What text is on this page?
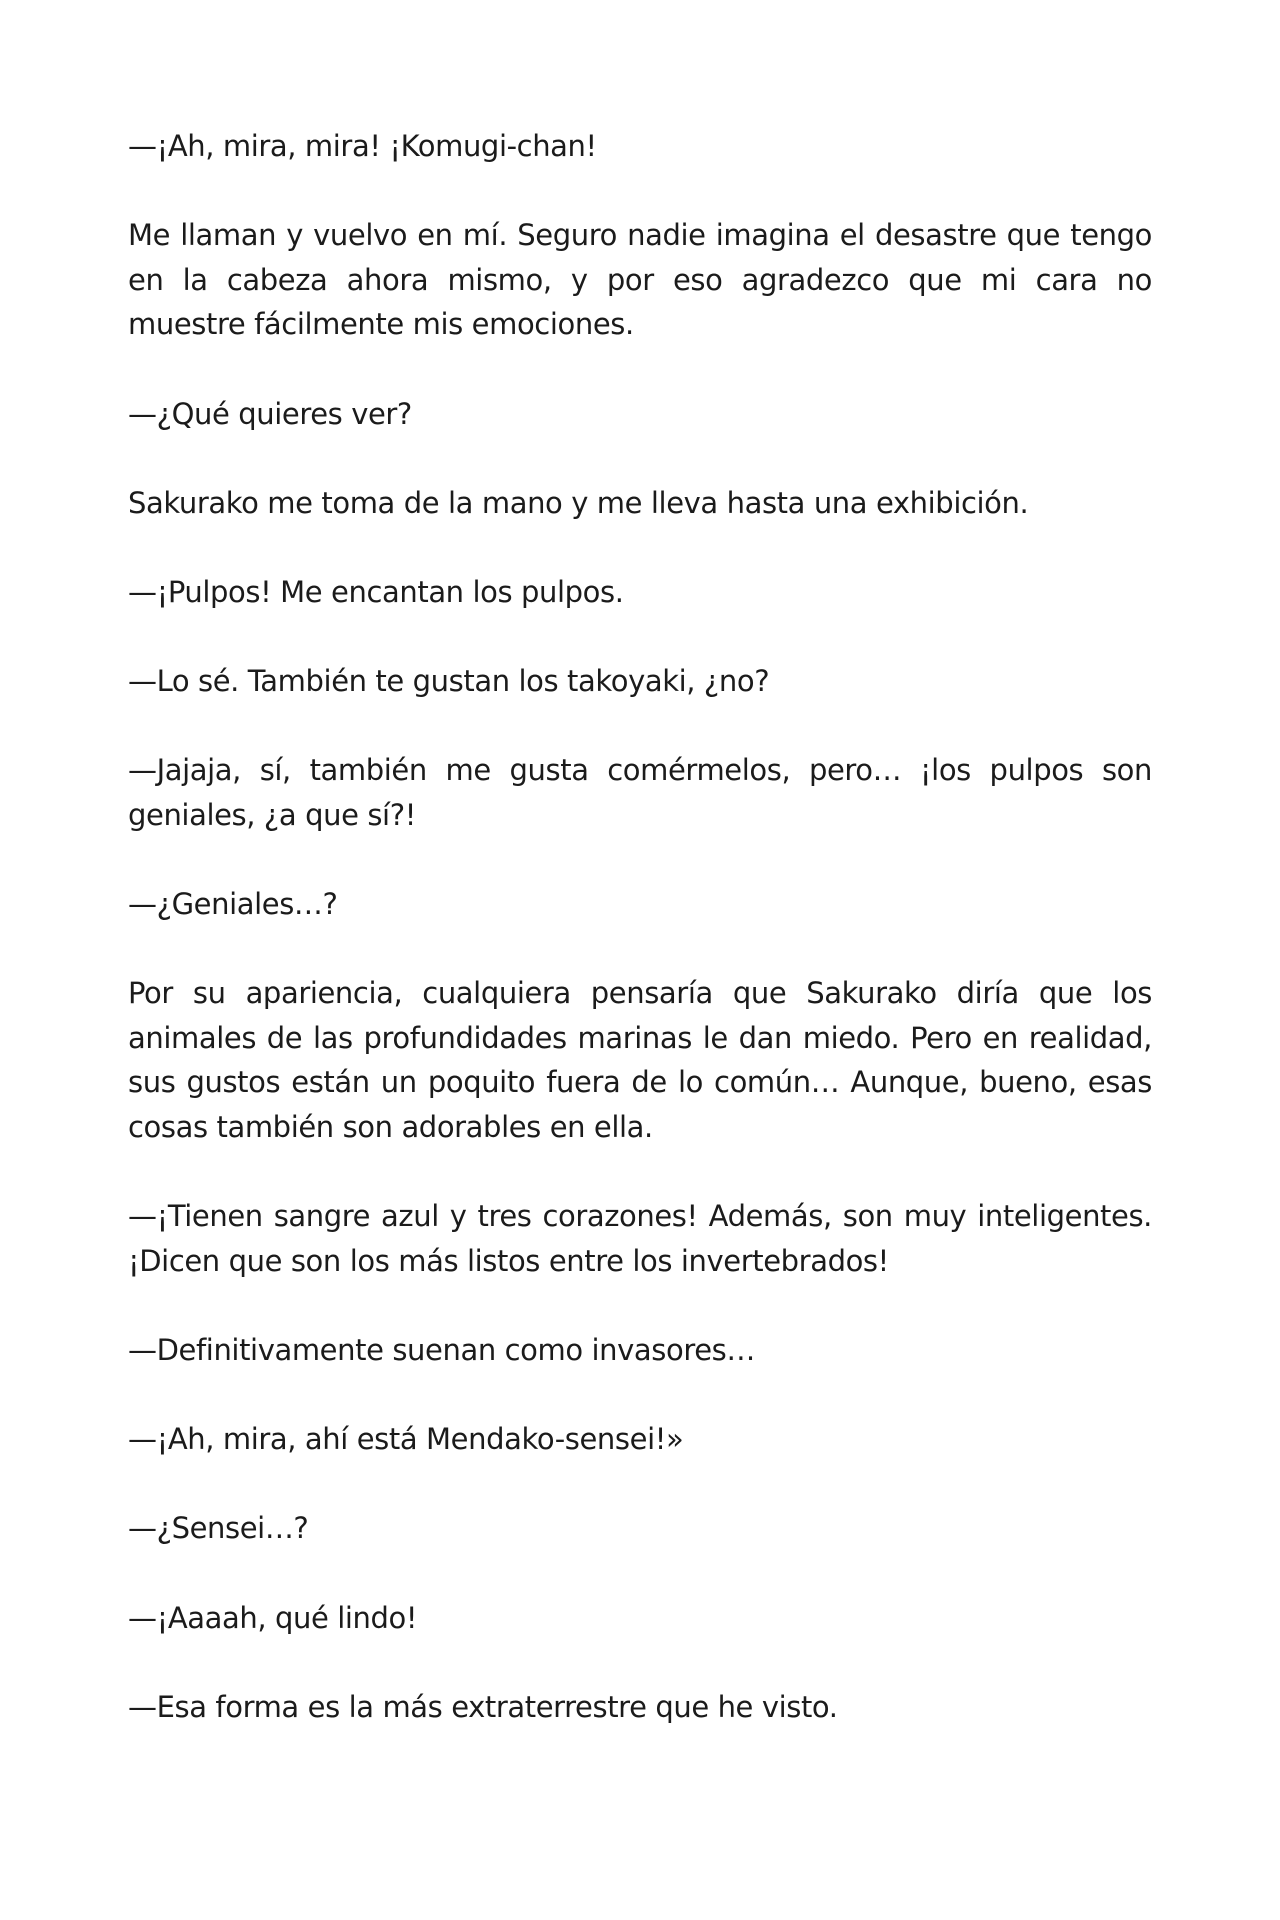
—¡Ah, mira, mira! ¡Komugi-chan!

Me llaman y vuelvo en mí. Seguro nadie imagina el desastre que tengo en la cabeza ahora mismo, y por eso agradezco que mi cara no muestre fácilmente mis emociones.

—¿Qué quieres ver?

Sakurako me toma de la mano y me lleva hasta una exhibición.

—¡Pulpos! Me encantan los pulpos.

—Lo sé. También te gustan los takoyaki, ¿no?

—Jajaja, sí, también me gusta comérmelos, pero… ¡los pulpos son geniales, ¿a que sí?!

—¿Geniales…?

Por su apariencia, cualquiera pensaría que Sakurako diría que los animales de las profundidades marinas le dan miedo. Pero en realidad, sus gustos están un poquito fuera de lo común… Aunque, bueno, esas cosas también son adorables en ella.

—¡Tienen sangre azul y tres corazones! Además, son muy inteligentes. ¡Dicen que son los más listos entre los invertebrados!

—Definitivamente suenan como invasores…

—¡Ah, mira, ahí está Mendako-sensei!»

—¿Sensei…?

—¡Aaaah, qué lindo!

—Esa forma es la más extraterrestre que he visto.
